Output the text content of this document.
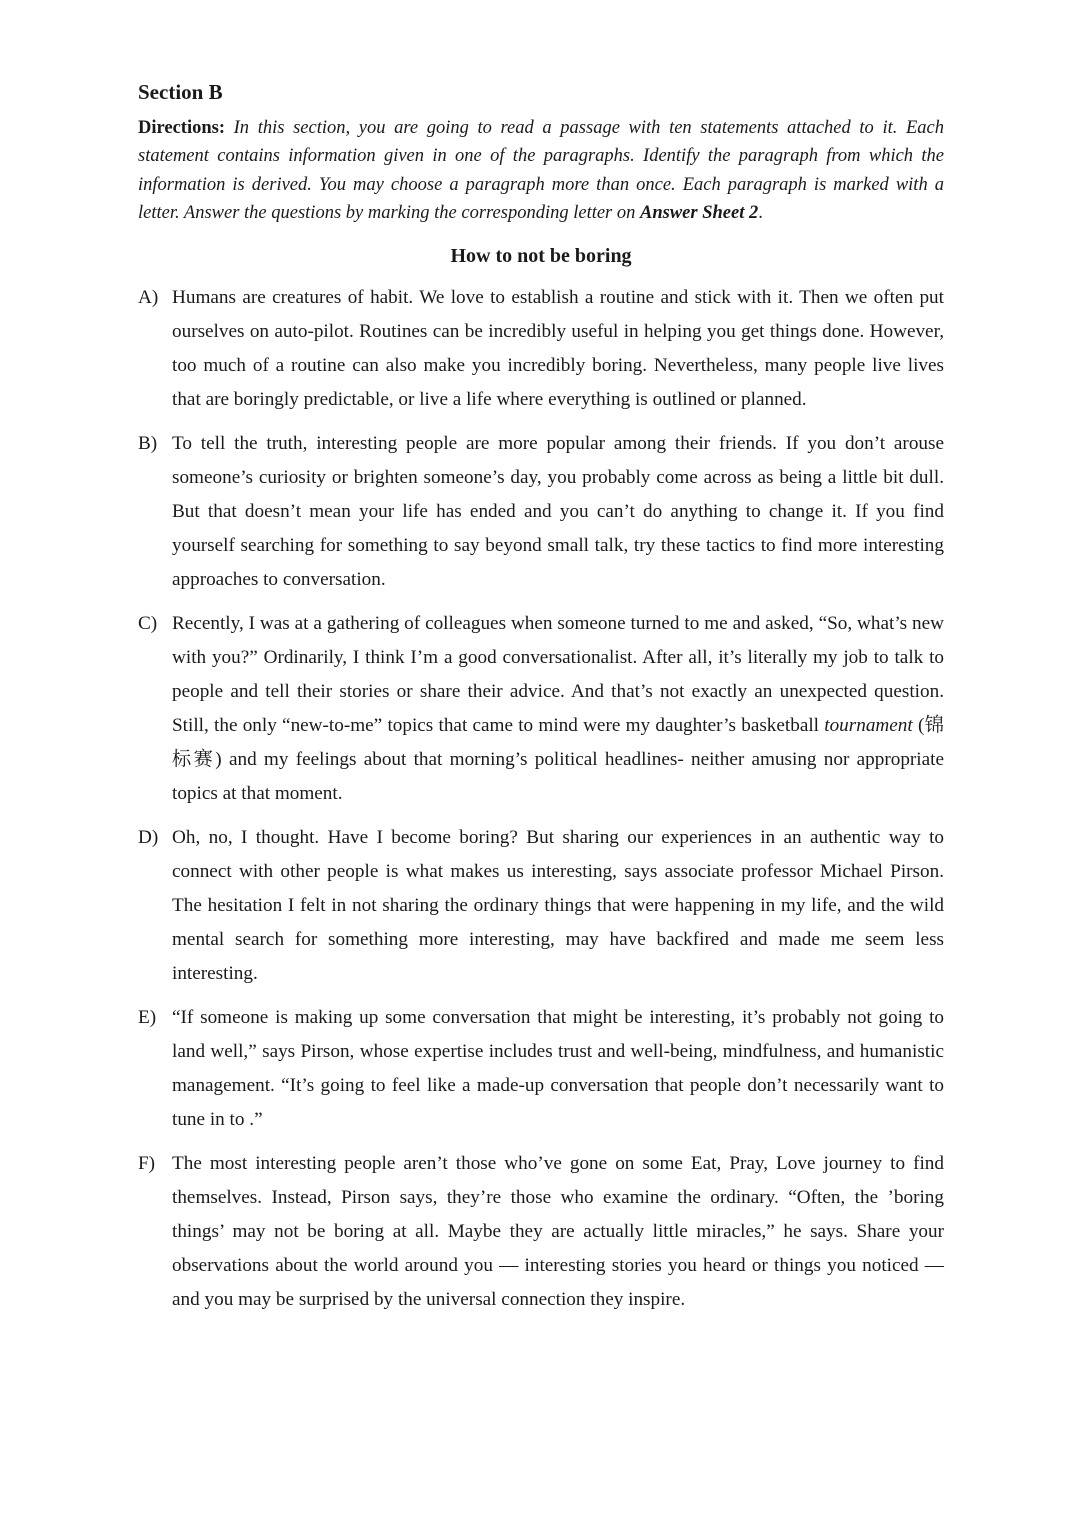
Section B

Directions: In this section, you are going to read a passage with ten statements attached to it. Each statement contains information given in one of the paragraphs. Identify the paragraph from which the information is derived. You may choose a paragraph more than once. Each paragraph is marked with a letter. Answer the questions by marking the corresponding letter on Answer Sheet 2.

How to not be boring

A) Humans are creatures of habit. We love to establish a routine and stick with it. Then we often put ourselves on auto-pilot. Routines can be incredibly useful in helping you get things done. However, too much of a routine can also make you incredibly boring. Nevertheless, many people live lives that are boringly predictable, or live a life where everything is outlined or planned.

B) To tell the truth, interesting people are more popular among their friends. If you don’t arouse someone’s curiosity or brighten someone’s day, you probably come across as being a little bit dull. But that doesn’t mean your life has ended and you can’t do anything to change it. If you find yourself searching for something to say beyond small talk, try these tactics to find more interesting approaches to conversation.

C) Recently, I was at a gathering of colleagues when someone turned to me and asked, “So, what’s new with you?” Ordinarily, I think I’m a good conversationalist. After all, it’s literally my job to talk to people and tell their stories or share their advice. And that’s not exactly an unexpected question. Still, the only “new-to-me” topics that came to mind were my daughter’s basketball tournament (锦标赛) and my feelings about that morning’s political headlines- neither amusing nor appropriate topics at that moment.

D) Oh, no, I thought. Have I become boring? But sharing our experiences in an authentic way to connect with other people is what makes us interesting, says associate professor Michael Pirson. The hesitation I felt in not sharing the ordinary things that were happening in my life, and the wild mental search for something more interesting, may have backfired and made me seem less interesting.

E) “If someone is making up some conversation that might be interesting, it’s probably not going to land well,” says Pirson, whose expertise includes trust and well-being, mindfulness, and humanistic management. “It’s going to feel like a made-up conversation that people don’t necessarily want to tune in to .”

F) The most interesting people aren’t those who’ve gone on some Eat, Pray, Love journey to find themselves. Instead, Pirson says, they’re those who examine the ordinary. “Often, the ’boring things’ may not be boring at all. Maybe they are actually little miracles,” he says. Share your observations about the world around you — interesting stories you heard or things you noticed — and you may be surprised by the universal connection they inspire.
